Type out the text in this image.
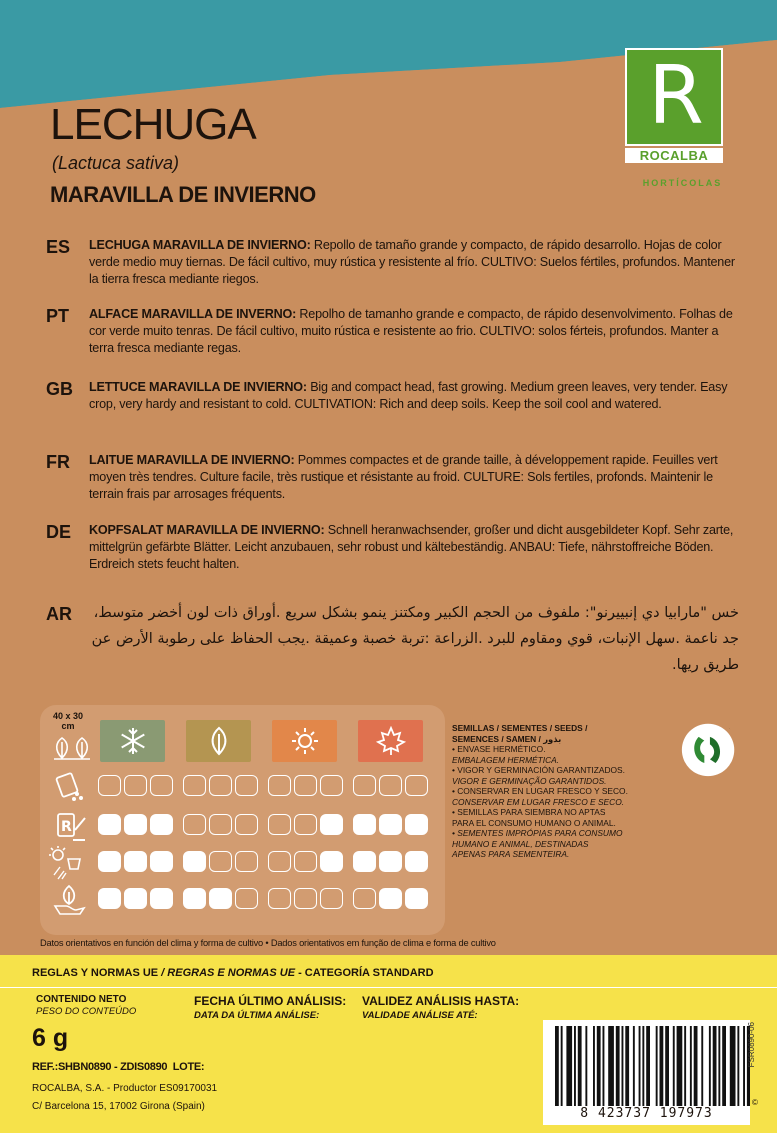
R
ROCALBA
HORTÍCOLAS
LECHUGA
(Lactuca sativa)
MARAVILLA DE INVIERNO
ES	LECHUGA MARAVILLA DE INVIERNO: Repollo de tamaño grande y compacto, de rápido desarrollo. Hojas de color verde medio muy tiernas. De fácil cultivo, muy rústica y resistente al frío. CULTIVO: Suelos fértiles, profundos. Mantener la tierra fresca mediante riegos.
PT	ALFACE MARAVILLA DE INVERNO: Repolho de tamanho grande e compacto, de rápido desenvolvimento. Folhas de cor verde muito tenras. De fácil cultivo, muito rústica e resistente ao frio. CULTIVO: solos férteis, profundos. Manter a terra fresca mediante regas.
GB	LETTUCE MARAVILLA DE INVIERNO: Big and compact head, fast growing. Medium green leaves, very tender. Easy crop, very hardy and resistant to cold. CULTIVATION: Rich and deep soils. Keep the soil cool and watered.
FR	LAITUE MARAVILLA DE INVIERNO: Pommes compactes et de grande taille, à développement rapide. Feuilles vert moyen très tendres. Culture facile, très rustique et résistante au froid. CULTURE: Sols fertiles, profonds. Maintenir le terrain frais par arrosages fréquents.
DE	KOPFSALAT MARAVILLA DE INVIERNO: Schnell heranwachsender, großer und dicht ausgebildeter Kopf. Sehr zarte, mittelgrün gefärbte Blätter. Leicht anzubauen, sehr robust und kältebeständig. ANBAU: Tiefe, nährstoffreiche Böden. Erdreich stets feucht halten.
AR	خس "مارابيا دي إنبييرنو": ملفوف من الحجم الكبير ومكتنز ينمو بشكل سريع .أوراق ذات لون أخضر متوسط، جد ناعمة .سهل الإنبات، قوي ومقاوم للبرد .الزراعة :تربة خصبة وعميقة .يجب الحفاظ على رطوبة الأرض عن طريق ريها.
40 x 30 cm
R
SEMILLAS / SEMENTES / SEEDS /
SEMENCES / SAMEN / بذور
• ENVASE HERMÉTICO.
EMBALAGEM HERMÉTICA.
• VIGOR Y GERMINACIÓN GARANTIZADOS.
VIGOR E GERMINAÇÃO GARANTIDOS.
• CONSERVAR EN LUGAR FRESCO Y SECO.
CONSERVAR EM LUGAR FRESCO E SECO.
• SEMILLAS PARA SIEMBRA NO APTAS
PARA EL CONSUMO HUMANO O ANIMAL.
• SEMENTES IMPRÓPIAS PARA CONSUMO
HUMANO E ANIMAL, DESTINADAS
APENAS PARA SEMENTEIRA.
Datos orientativos en función del clima y forma de cultivo • Dados orientativos em função de clima e forma de cultivo
REGLAS Y NORMAS UE / REGRAS E NORMAS UE - CATEGORÍA STANDARD
CONTENIDO NETO
PESO DO CONTEÚDO
6 g
FECHA ÚLTIMO ANÁLISIS:
DATA DA ÚLTIMA ANÁLISE:
VALIDEZ ANÁLISIS HASTA:
VALIDADE ANÁLISE ATÉ:
REF.:SHBN0890 - ZDIS0890 LOTE:
ROCALBA, S.A. - Productor ES09170031
C/ Barcelona 15, 17002 Girona (Spain)	8 423737 197973
FSR0890-06
©
